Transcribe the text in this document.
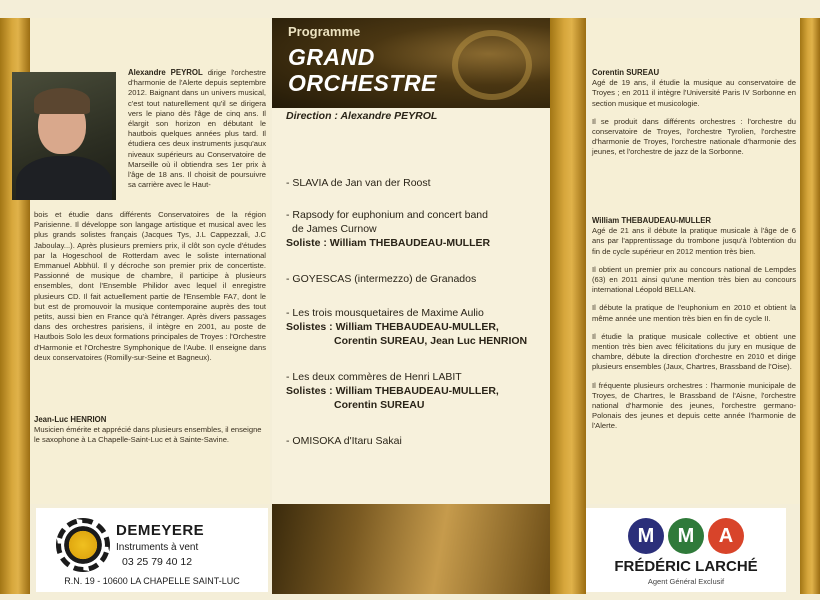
Alexandre PEYROL dirige l'orchestre d'harmonie de l'Alerte depuis septembre 2012. Baignant dans un univers musical, c'est tout naturellement qu'il se dirigera vers le piano dès l'âge de cinq ans. Il élargit son horizon en débutant le hautbois quelques années plus tard. Il étudiera ces deux instruments jusqu'aux niveaux supérieurs au Conservatoire de Marseille où il obtiendra ses 1er prix à l'âge de 18 ans. Il choisit de poursuivre sa carrière avec le Haut-
bois et étudie dans différents Conservatoires de la région Parisienne. Il développe son langage artistique et musical avec les plus grands solistes français (Jacques Tys, J.L Cappezzali, J.C Jaboulay...). Après plusieurs premiers prix, il clôt son cycle d'études par la Hogeschool de Rotterdam avec le soliste international Emmanuel Abbhül. Il y décroche son premier prix de concertiste. Passionné de musique de chambre, il participe à plusieurs ensembles, dont l'Ensemble Philidor avec lequel il enregistre plusieurs CD. Il fait actuellement partie de l'Ensemble FA7, dont le but est de promouvoir la musique contemporaine auprès des tout petits, aussi bien en France qu'à l'étranger. Après divers passages dans des orchestres parisiens, il intègre en 2001, au poste de Hautbois Solo les deux formations principales de Troyes : l'Orchestre d'Harmonie et l'Orchestre Symphonique de l'Aube. Il enseigne dans deux conservatoires (Romilly-sur-Seine et Bagneux).
Jean-Luc HENRION
Musicien émérite et apprécié dans plusieurs ensembles, il enseigne le saxophone à La Chapelle-Saint-Luc et à Sainte-Savine.
DEMEYERE
Instruments à vent
03 25 79 40 12
R.N. 19 - 10600 LA CHAPELLE SAINT-LUC
Programme
GRAND
ORCHESTRE
Direction : Alexandre PEYROL
- SLAVIA de Jan van der Roost
- Rapsody for euphonium and concert band
de James Curnow
Soliste : William THEBAUDEAU-MULLER
- GOYESCAS (intermezzo) de Granados
- Les trois mousquetaires de Maxime Aulio
Solistes : William THEBAUDEAU-MULLER,
Corentin SUREAU, Jean Luc HENRION
- Les deux commères de Henri LABIT
Solistes : William THEBAUDEAU-MULLER,
Corentin SUREAU
- OMISOKA d'Itaru Sakai
Corentin SUREAU
Agé de 19 ans, il étudie la musique au conservatoire de Troyes ; en 2011 il intègre l'Université Paris IV Sorbonne en section musique et musicologie.
Il se produit dans différents orchestres : l'orchestre du conservatoire de Troyes, l'orchestre Tyrolien, l'orchestre d'harmonie de Troyes, l'orchestre nationale d'harmonie des jeunes, et l'orchestre de jazz de la Sorbonne.
William THEBAUDEAU-MULLER
Agé de 21 ans il débute la pratique musicale à l'âge de 6 ans par l'apprentissage du trombone jusqu'à l'obtention du fin de cycle supérieur en 2012 mention très bien.
Il obtient un premier prix au concours national de Lempdes (63) en 2011 ainsi qu'une mention très bien au concours international Léopold BELLAN.
Il débute la pratique de l'euphonium en 2010 et obtient la même année une mention très bien en fin de cycle II.
Il étudie la pratique musicale collective et obtient une mention très bien avec félicitations du jury en musique de chambre, débute la direction d'orchestre en 2010 et dirige plusieurs ensembles (Jaux, Chartres, Brassband de l'Oise).
Il fréquente plusieurs orchestres : l'harmonie municipale de Troyes, de Chartres, le Brassband de l'Aisne, l'orchestre national d'harmonie des jeunes, l'orchestre germano-Polonais des jeunes et depuis cette année l'harmonie de l'Alerte.
M	M	A
FRÉDÉRIC LARCHÉ
Agent Général Exclusif
